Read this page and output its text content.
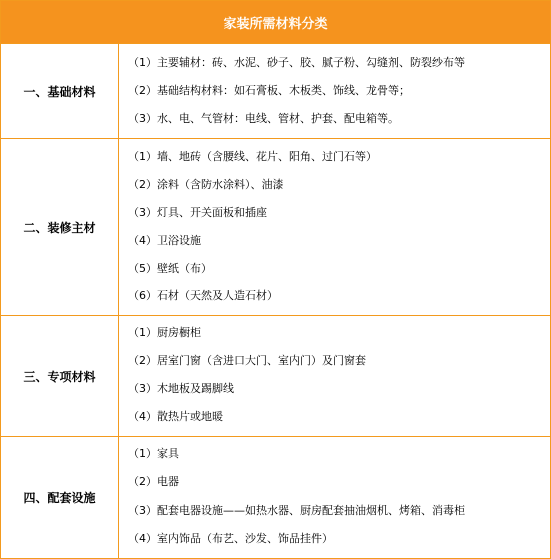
家装所需材料分类
一、基础材料
（1）主要辅材：砖、水泥、砂子、胶、腻子粉、勾缝剂、防裂纱布等
（2）基础结构材料：如石膏板、木板类、饰线、龙骨等；
（3）水、电、气管材：电线、管材、护套、配电箱等。
二、装修主材
（1）墙、地砖（含腰线、花片、阳角、过门石等）
（2）涂料（含防水涂料）、油漆
（3）灯具、开关面板和插座
（4）卫浴设施
（5）壁纸（布）
（6）石材（天然及人造石材）
三、专项材料
（1）厨房橱柜
（2）居室门窗（含进口大门、室内门）及门窗套
（3）木地板及踢脚线
（4）散热片或地暖
四、配套设施
（1）家具
（2）电器
（3）配套电器设施——如热水器、厨房配套抽油烟机、烤箱、消毒柜
（4）室内饰品（布艺、沙发、饰品挂件）
